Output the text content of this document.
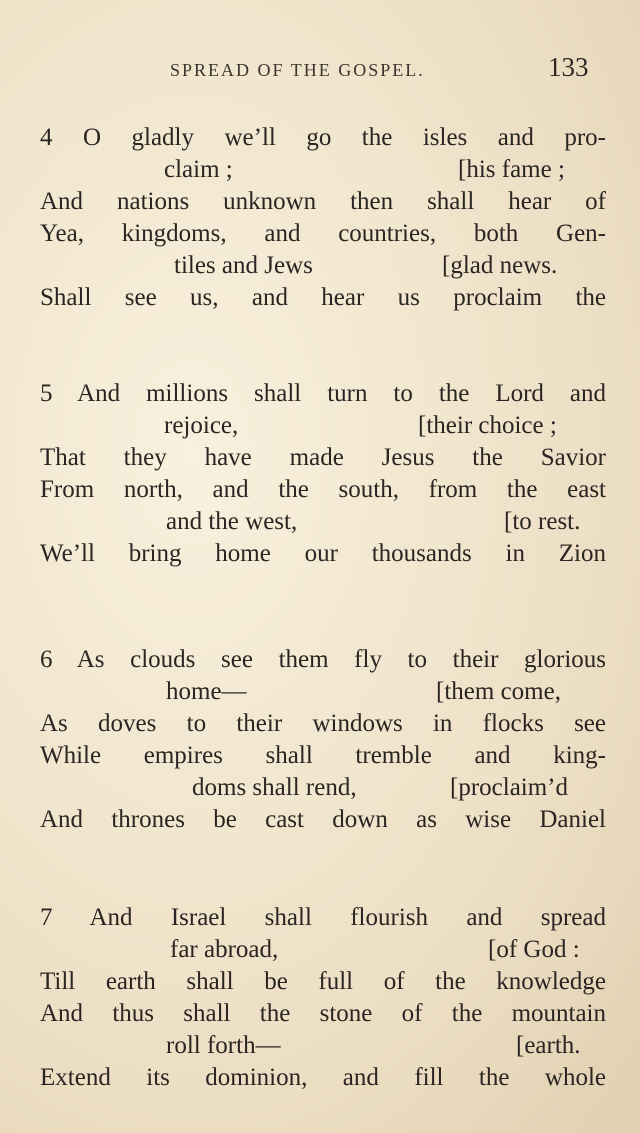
SPREAD OF THE GOSPEL.	133
4 O gladly we’ll go the isles and pro-
claim ;	[his fame ;
And nations unknown then shall hear of
Yea, kingdoms, and countries, both Gen-
tiles and Jews	[glad news.
Shall see us, and hear us proclaim the
5 And millions shall turn to the Lord and
rejoice,	[their choice ;
That they have made Jesus the Savior
From north, and the south, from the east
and the west,	[to rest.
We’ll bring home our thousands in Zion
6 As clouds see them fly to their glorious
home—	[them come,
As doves to their windows in flocks see
While empires shall tremble and king-
doms shall rend,	[proclaim’d
And thrones be cast down as wise Daniel
7 And Israel shall flourish and spread
far abroad,	[of God :
Till earth shall be full of the knowledge
And thus shall the stone of the mountain
roll forth—	[earth.
Extend its dominion, and fill the whole
